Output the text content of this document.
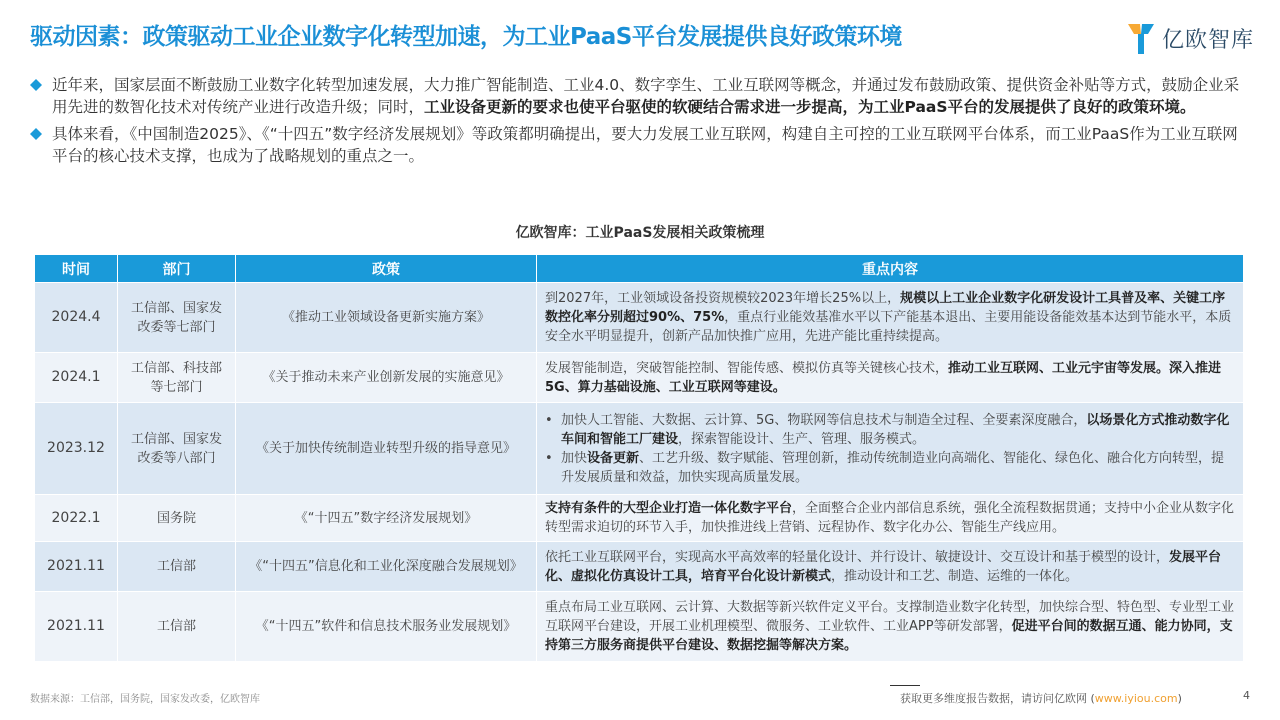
驱动因素：政策驱动工业企业数字化转型加速，为工业PaaS平台发展提供良好政策环境	亿欧智库
近年来，国家层面不断鼓励工业数字化转型加速发展，大力推广智能制造、工业4.0、数字孪生、工业互联网等概念，并通过发布鼓励政策、提供资金补贴等方式，鼓励企业采用先进的数智化技术对传统产业进行改造升级；同时，工业设备更新的要求也使平台驱使的软硬结合需求进一步提高，为工业PaaS平台的发展提供了良好的政策环境。
具体来看，《中国制造2025》、《“十四五”数字经济发展规划》等政策都明确提出，要大力发展工业互联网，构建自主可控的工业互联网平台体系，而工业PaaS作为工业互联网平台的核心技术支撑，也成为了战略规划的重点之一。
亿欧智库：工业PaaS发展相关政策梳理
时间	部门	政策	重点内容
2024.4	工信部、国家发改委等七部门	《推动工业领域设备更新实施方案》	到2027年，工业领域设备投资规模较2023年增长25%以上，规模以上工业企业数字化研发设计工具普及率、关键工序数控化率分别超过90%、75%，重点行业能效基准水平以下产能基本退出、主要用能设备能效基本达到节能水平，本质安全水平明显提升，创新产品加快推广应用，先进产能比重持续提高。

2024.1	工信部、科技部等七部门	《关于推动未来产业创新发展的实施意见》	发展智能制造，突破智能控制、智能传感、模拟仿真等关键核心技术，推动工业互联网、工业元宇宙等发展。深入推进5G、算力基础设施、工业互联网等建设。

2023.12	工信部、国家发改委等八部门	《关于加快传统制造业转型升级的指导意见》	• 加快人工智能、大数据、云计算、5G、物联网等信息技术与制造全过程、全要素深度融合，以场景化方式推动数字化车间和智能工厂建设，探索智能设计、生产、管理、服务模式。
• 加快设备更新、工艺升级、数字赋能、管理创新，推动传统制造业向高端化、智能化、绿色化、融合化方向转型，提升发展质量和效益，加快实现高质量发展。

2022.1	国务院	《“十四五”数字经济发展规划》	支持有条件的大型企业打造一体化数字平台，全面整合企业内部信息系统，强化全流程数据贯通；支持中小企业从数字化转型需求迫切的环节入手，加快推进线上营销、远程协作、数字化办公、智能生产线应用。

2021.11	工信部	《“十四五”信息化和工业化深度融合发展规划》	依托工业互联网平台，实现高水平高效率的轻量化设计、并行设计、敏捷设计、交互设计和基于模型的设计，发展平台化、虚拟化仿真设计工具，培育平台化设计新模式，推动设计和工艺、制造、运维的一体化。

2021.11	工信部	《“十四五”软件和信息技术服务业发展规划》	重点布局工业互联网、云计算、大数据等新兴软件定义平台。支撑制造业数字化转型，加快综合型、特色型、专业型工业互联网平台建设，开展工业机理模型、微服务、工业软件、工业APP等研发部署，促进平台间的数据互通、能力协同，支持第三方服务商提供平台建设、数据挖掘等解决方案。
数据来源：工信部，国务院，国家发改委，亿欧智库	获取更多维度报告数据，请访问亿欧网 (www.iyiou.com)	4
